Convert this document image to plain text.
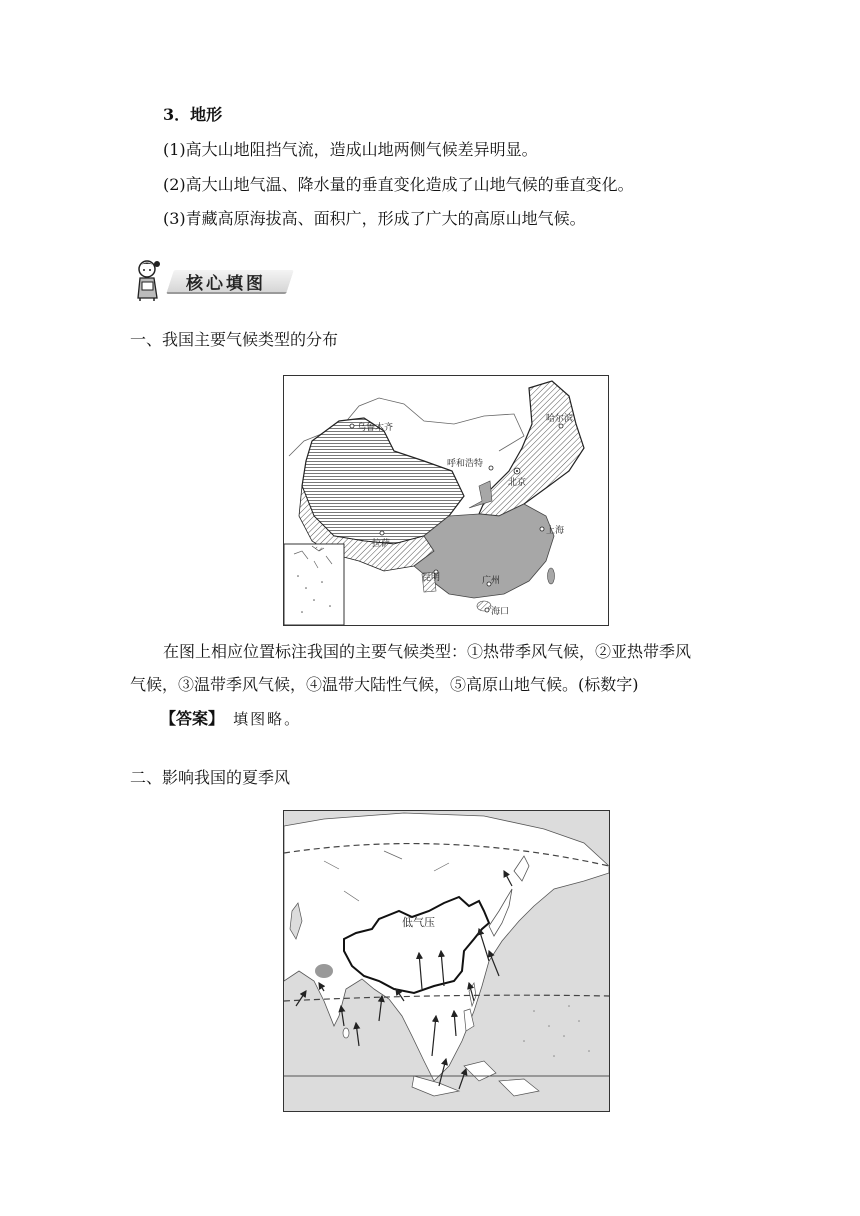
3．地形
(1)高大山地阻挡气流，造成山地两侧气候差异明显。
(2)高大山地气温、降水量的垂直变化造成了山地气候的垂直变化。
(3)青藏高原海拔高、面积广，形成了广大的高原山地气候。
核心填图
一、我国主要气候类型的分布
乌鲁木齐
哈尔滨
呼和浩特
北京
拉萨
上海
昆明	广州
海口
在图上相应位置标注我国的主要气候类型：①热带季风气候，②亚热带季风
气候，③温带季风气候，④温带大陆性气候，⑤高原山地气候。(标数字)
【答案】 填图略。
二、影响我国的夏季风
低气压
